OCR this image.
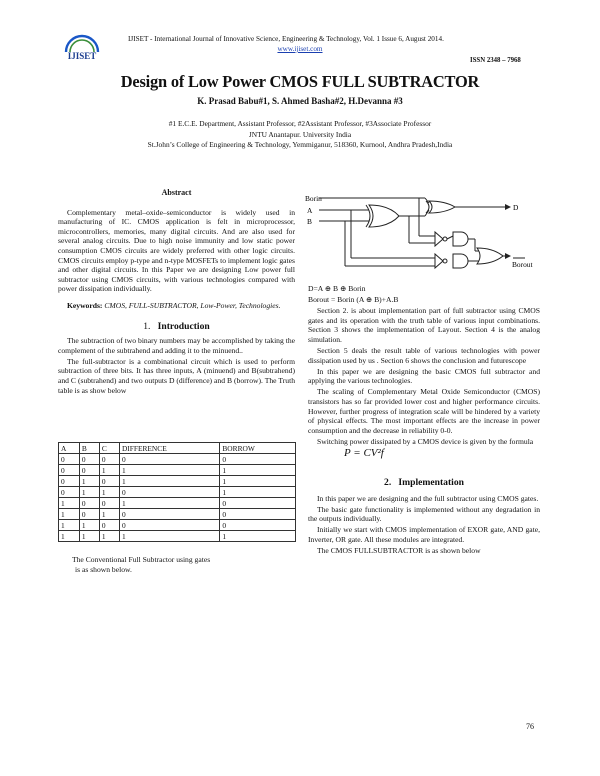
IJISET
IJISET - International Journal of Innovative Science, Engineering & Technology, Vol. 1 Issue 6, August 2014.
www.ijiset.com
ISSN 2348 – 7968
Design of Low Power CMOS FULL SUBTRACTOR
K. Prasad Babu#1, S. Ahmed Basha#2, H.Devanna #3
#1 E.C.E. Department, Assistant Professor, #2Assistant Professor, #3Associate Professor
JNTU Anantapur. University India
St.John’s College of Engineering & Technology, Yemmiganur, 518360, Kurnool, Andhra Pradesh,India
Abstract

Complementary metal–oxide–semiconductor is widely used in manufacturing of IC. CMOS application is felt in microprocessor, microcontrollers, memories, many digital circuits. And are also used for several analog circuits. Due to high noise immunity and low static power consumption CMOS circuits are widely preferred with other logic circuits. CMOS circuits employ p-type and n-type MOSFETs to implement logic gates and other digital circuits. In this Paper we are designing Low power full subtractor using CMOS circuits, with various technologies compared with power dissipation individually.

Keywords: CMOS, FULL-SUBTRACTOR, Low-Power, Technologies.

1. Introduction

The subtraction of two binary numbers may be accomplished by taking the complement of the subtrahend and adding it to the minuend..

The full-subtractor is a combinational circuit which is used to perform subtraction of three bits. It has three inputs, A (minuend) and B(subtrahend) and C (subtrahend) and two outputs D (difference) and B (borrow). The Truth table is as show below

A	B	C	DIFFERENCE	BORROW
0	0	0	0	0
0	0	1	1	1
0	1	0	1	1
0	1	1	0	1
1	0	0	1	0
1	0	1	0	0
1	1	0	0	0
1	1	1	1	1
The Conventional Full Subtractor using gates
is as shown below.
Borin
A
B
D
Borout

D=A ⊕ B ⊕ Borin

Borout = Borin (A ⊕ B)+A.B

Section 2. is about implementation part of full subtractor using CMOS gates and its operation with the truth table of various input combinations. Section 3 shows the implementation of Layout. Section 4 is the analog simulation.

Section 5 deals the result table of various technologies with power dissipation used by us . Section 6 shows the conclusion and futurescope

In this paper we are designing the basic CMOS full subtractor and applying the various technologies.

The scaling of Complementary Metal Oxide Semiconductor (CMOS) transistors has so far provided lower cost and higher performance circuits. However, further progress of integration scale will be hindered by a variety of physical effects. The most important effects are the increase in power consumption and the decrease in reliability 0-0.

Switching power dissipated by a CMOS device is given by the formula

P = CV²f
2. Implementation

In this paper we are designing and the full subtractor using CMOS gates.

The basic gate functionality is implemented without any degradation in the outputs individually.

Initially we start with CMOS implementation of EXOR gate, AND gate, Inverter, OR gate. All these modules are integrated.

The CMOS FULLSUBTRACTOR is as shown below

76
